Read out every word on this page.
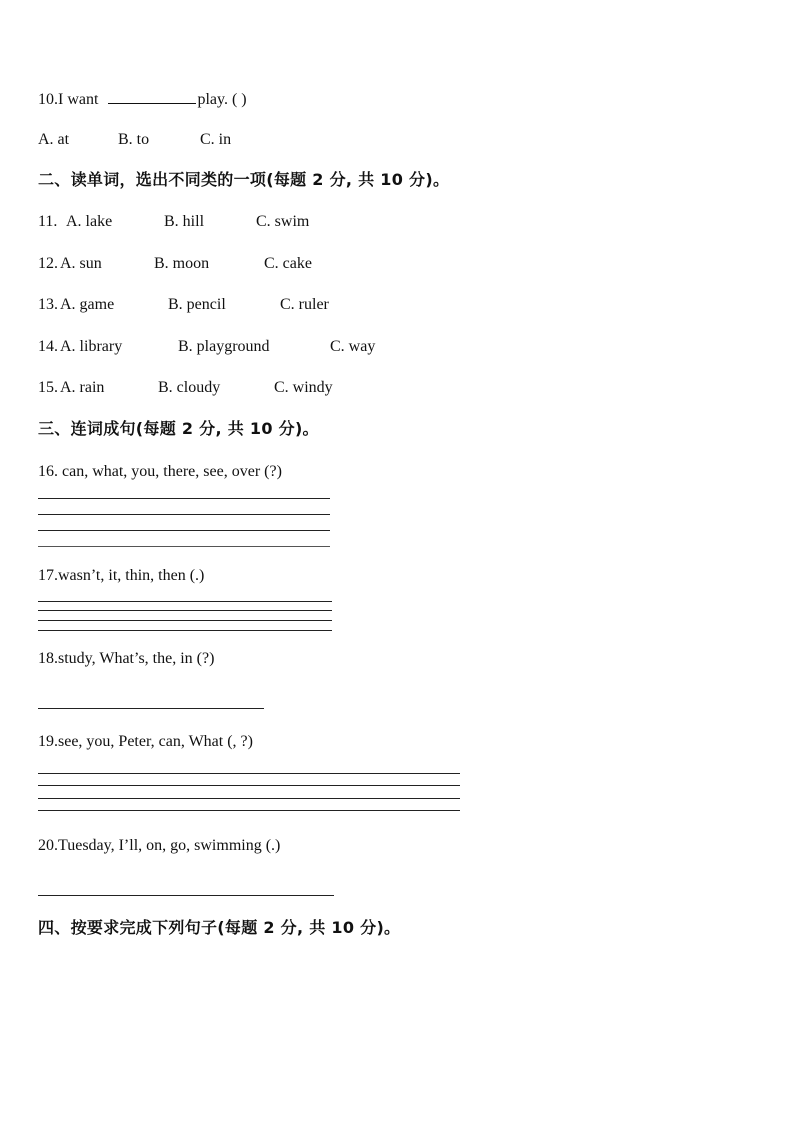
10.I want	play. ( )
A. at	B. to	C. in
二、读单词，选出不同类的一项(每题 2 分, 共 10 分)。
11. A. lake	B. hill	C. swim
12. A. sun	B. moon	C. cake
13. A. game	B. pencil	C. ruler
14. A. library	B. playground	C. way
15. A. rain	B. cloudy	C. windy
三、连词成句(每题 2 分, 共 10 分)。
16. can, what, you, there, see, over (?)
17.wasn’t, it, thin, then (.)
18.study, What’s, the, in (?)
19.see, you, Peter, can, What (, ?)
20.Tuesday, I’ll, on, go, swimming (.)
四、按要求完成下列句子(每题 2 分, 共 10 分)。
